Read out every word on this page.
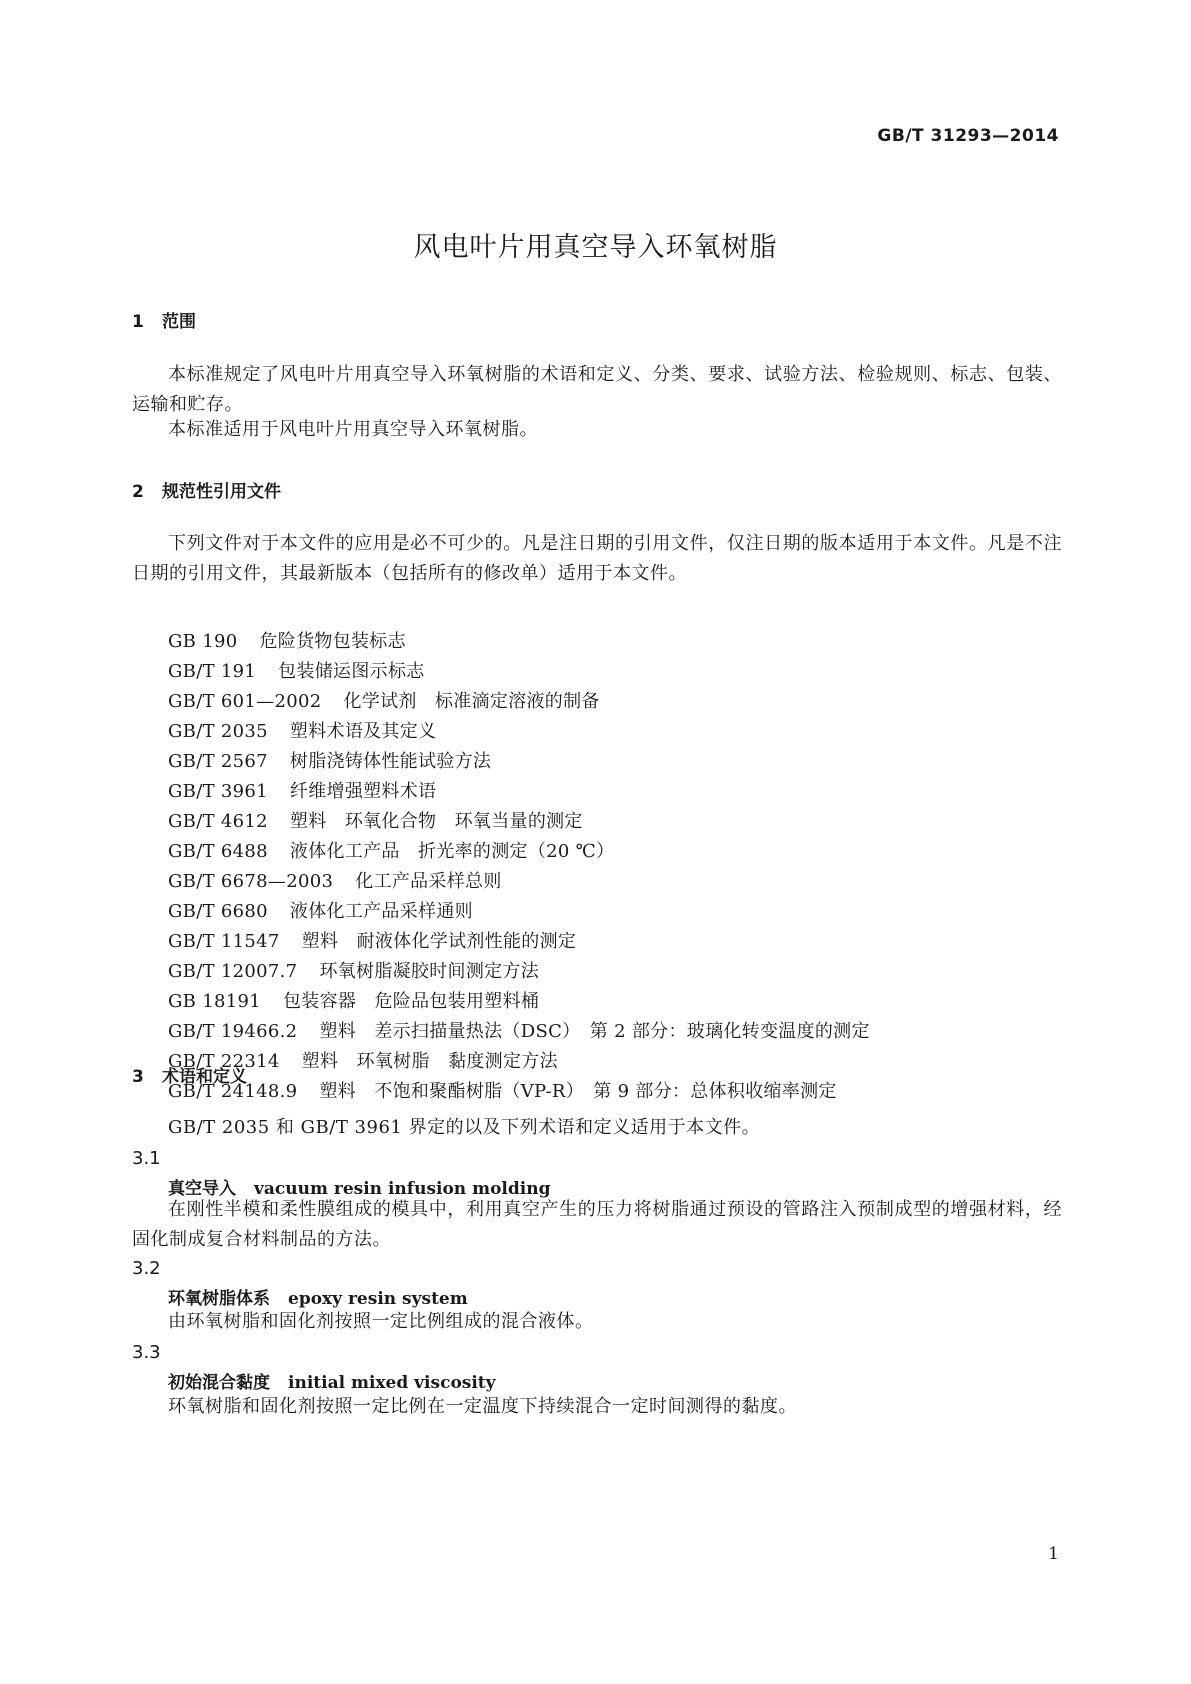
GB/T 31293—2014
风电叶片用真空导入环氧树脂
1 范围
本标准规定了风电叶片用真空导入环氧树脂的术语和定义、分类、要求、试验方法、检验规则、标志、包装、运输和贮存。
本标准适用于风电叶片用真空导入环氧树脂。
2 规范性引用文件
下列文件对于本文件的应用是必不可少的。凡是注日期的引用文件，仅注日期的版本适用于本文件。凡是不注日期的引用文件，其最新版本（包括所有的修改单）适用于本文件。
GB 190 危险货物包装标志
GB/T 191 包装储运图示标志
GB/T 601—2002 化学试剂　标准滴定溶液的制备
GB/T 2035 塑料术语及其定义
GB/T 2567 树脂浇铸体性能试验方法
GB/T 3961 纤维增强塑料术语
GB/T 4612 塑料　环氧化合物　环氧当量的测定
GB/T 6488 液体化工产品　折光率的测定（20 ℃）
GB/T 6678—2003 化工产品采样总则
GB/T 6680 液体化工产品采样通则
GB/T 11547 塑料　耐液体化学试剂性能的测定
GB/T 12007.7 环氧树脂凝胶时间测定方法
GB 18191 包装容器　危险品包装用塑料桶
GB/T 19466.2 塑料　差示扫描量热法（DSC）　第 2 部分：玻璃化转变温度的测定
GB/T 22314 塑料　环氧树脂　黏度测定方法
GB/T 24148.9 塑料　不饱和聚酯树脂（VP-R）　第 9 部分：总体积收缩率测定
3 术语和定义
GB/T 2035 和 GB/T 3961 界定的以及下列术语和定义适用于本文件。
3.1
真空导入 vacuum resin infusion molding
在刚性半模和柔性膜组成的模具中，利用真空产生的压力将树脂通过预设的管路注入预制成型的增强材料，经固化制成复合材料制品的方法。
3.2
环氧树脂体系 epoxy resin system
由环氧树脂和固化剂按照一定比例组成的混合液体。
3.3
初始混合黏度 initial mixed viscosity
环氧树脂和固化剂按照一定比例在一定温度下持续混合一定时间测得的黏度。
1
